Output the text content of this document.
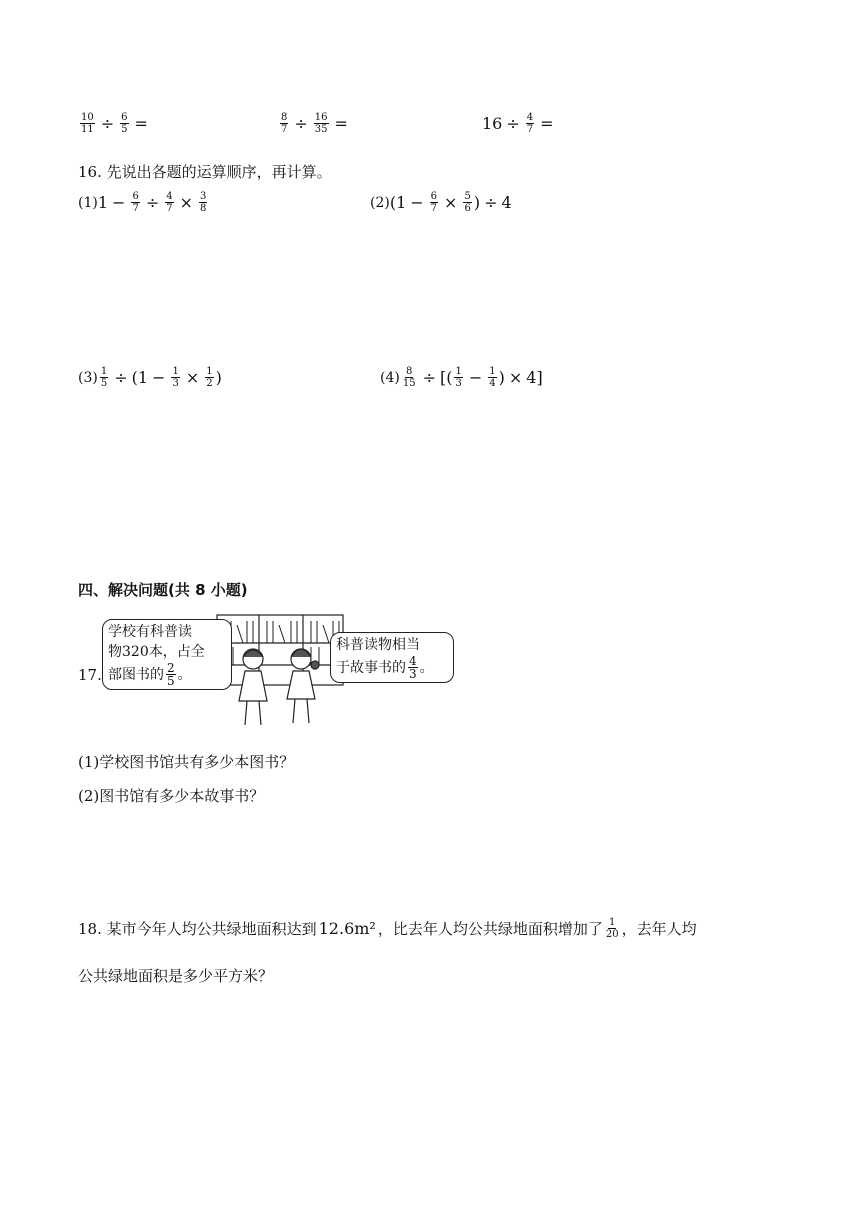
$\frac{10}{11} \div \frac{6}{5}$ =	$\frac{8}{7} \div \frac{16}{35}$ =	$16 \div \frac{4}{7}$ =
16. 先说出各题的运算顺序，再计算。
(1) $1 - \frac{6}{7} \div \frac{4}{7} \times \frac{3}{8}$	(2) ($1 - \frac{6}{7} \times \frac{5}{6}$ ) ÷ 4
$(3) \frac{1}{5} \div (1 - \frac{1}{3} \times \frac{1}{2}$ )	$(4) \frac{8}{15}$ ÷ [( $\frac{1}{3} - \frac{1}{4}$ ) × 4 ]
四、解决问题(共 8 小题)
17.
学校有科普读
物320本，占全
部图书的 $\frac{2}{5}$ 。
科普读物相当
于故事书的 $\frac{4}{3}$ 。
(1)学校图书馆共有多少本图书？
(2)图书馆有多少本故事书？
18. 某市今年人均公共绿地面积达到 12.6m² ，比去年人均公共绿地面积增加了 $\frac{1}{20}$ ，去年人均
公共绿地面积是多少平方米？
